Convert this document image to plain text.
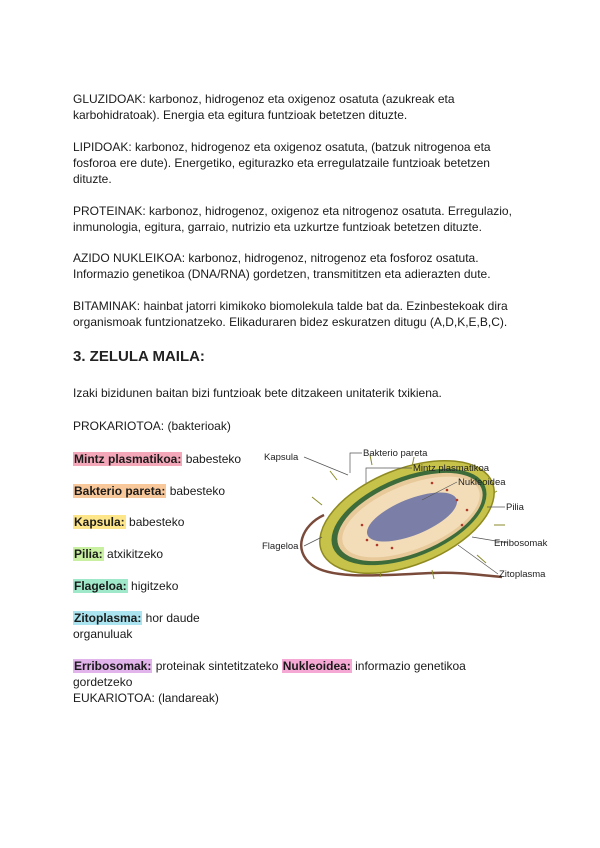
GLUZIDOAK: karbonoz, hidrogenoz eta oxigenoz osatuta (azukreak eta
karbohidratoak). Energia eta egitura funtzioak betetzen dituzte.

LIPIDOAK: karbonoz, hidrogenoz eta oxigenoz osatuta, (batzuk nitrogenoa eta
fosforoa ere dute). Energetiko, egiturazko eta erregulatzaile funtzioak betetzen
dituzte.

PROTEINAK: karbonoz, hidrogenoz, oxigenoz eta nitrogenoz osatuta. Erregulazio,
inmunologia, egitura, garraio, nutrizio eta uzkurtze funtzioak betetzen dituzte.

AZIDO NUKLEIKOA: karbonoz, hidrogenoz, nitrogenoz eta fosforoz osatuta.
Informazio genetikoa (DNA/RNA) gordetzen, transmititzen eta adierazten dute.

BITAMINAK: hainbat jatorri kimikoko biomolekula talde bat da. Ezinbestekoak dira
organismoak funtzionatzeko. Elikaduraren bidez eskuratzen ditugu (A,D,K,E,B,C).

3. ZELULA MAILA:

Izaki bizidunen baitan bizi funtzioak bete ditzakeen unitaterik txikiena.

PROKARIOTOA: (bakterioak)

Mintz plasmatikoa: babesteko

Bakterio pareta: babesteko

Kapsula: babesteko

Pilia: atxikitzeko

Flageloa: higitzeko

Zitoplasma: hor daude
organuluak

Erribosomak: proteinak sintetitzateko Nukleoidea: informazio genetikoa
gordetzeko
EUKARIOTOA: (landareak)

Kapsula	Bakterio pareta
Mintz plasmatikoa
Nukleoidea
Pilia
Erribosomak
Flageloa
Zitoplasma
